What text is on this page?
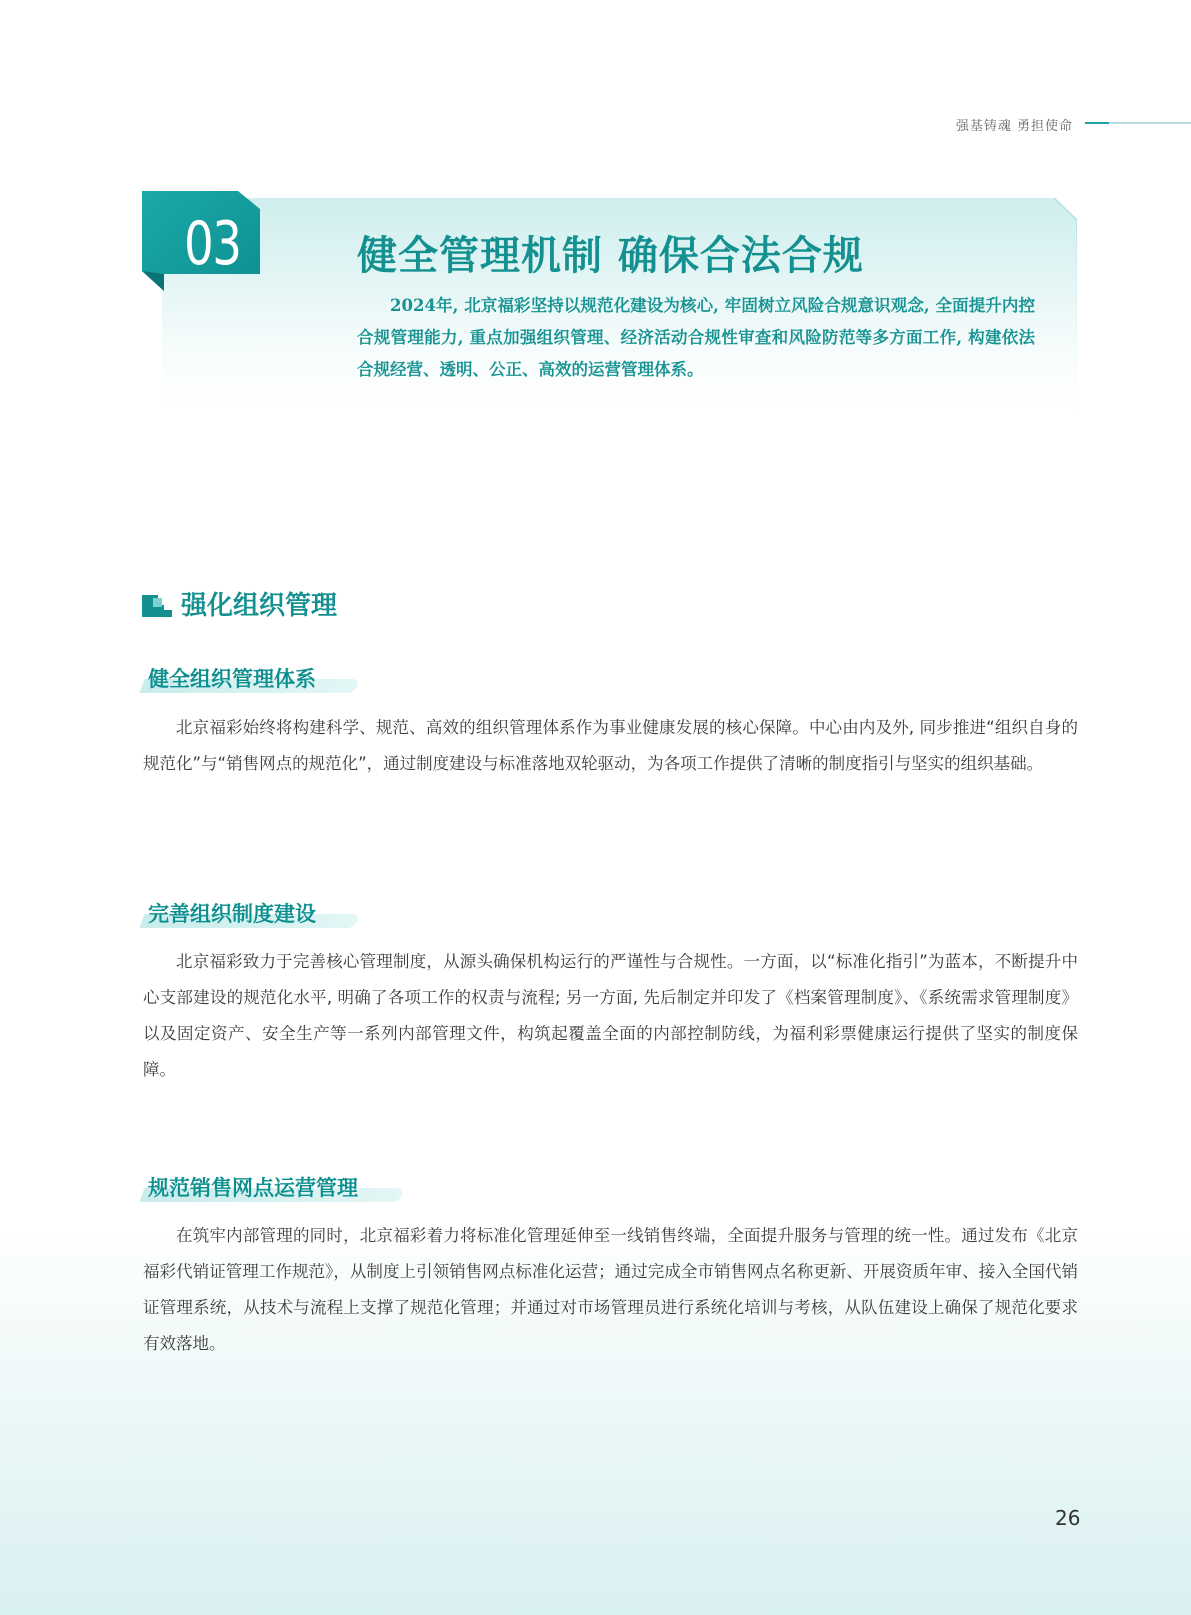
强基铸魂 勇担使命
03	健全管理机制 确保合法合规
2024年, 北京福彩坚持以规范化建设为核心, 牢固树立风险合规意识观念, 全面提升内控合规管理能力, 重点加强组织管理、经济活动合规性审查和风险防范等多方面工作, 构建依法合规经营、透明、公正、高效的运营管理体系。
强化组织管理
健全组织管理体系
北京福彩始终将构建科学、规范、高效的组织管理体系作为事业健康发展的核心保障。中心由内及外, 同步推进“组织自身的规范化”与“销售网点的规范化”，通过制度建设与标准落地双轮驱动，为各项工作提供了清晰的制度指引与坚实的组织基础。
完善组织制度建设
北京福彩致力于完善核心管理制度，从源头确保机构运行的严谨性与合规性。一方面，以“标准化指引”为蓝本，不断提升中心支部建设的规范化水平, 明确了各项工作的权责与流程; 另一方面, 先后制定并印发了《档案管理制度》、《系统需求管理制度》以及固定资产、安全生产等一系列内部管理文件，构筑起覆盖全面的内部控制防线，为福利彩票健康运行提供了坚实的制度保障。
规范销售网点运营管理
在筑牢内部管理的同时，北京福彩着力将标准化管理延伸至一线销售终端，全面提升服务与管理的统一性。通过发布《北京福彩代销证管理工作规范》，从制度上引领销售网点标准化运营；通过完成全市销售网点名称更新、开展资质年审、接入全国代销证管理系统，从技术与流程上支撑了规范化管理；并通过对市场管理员进行系统化培训与考核，从队伍建设上确保了规范化要求有效落地。
26
